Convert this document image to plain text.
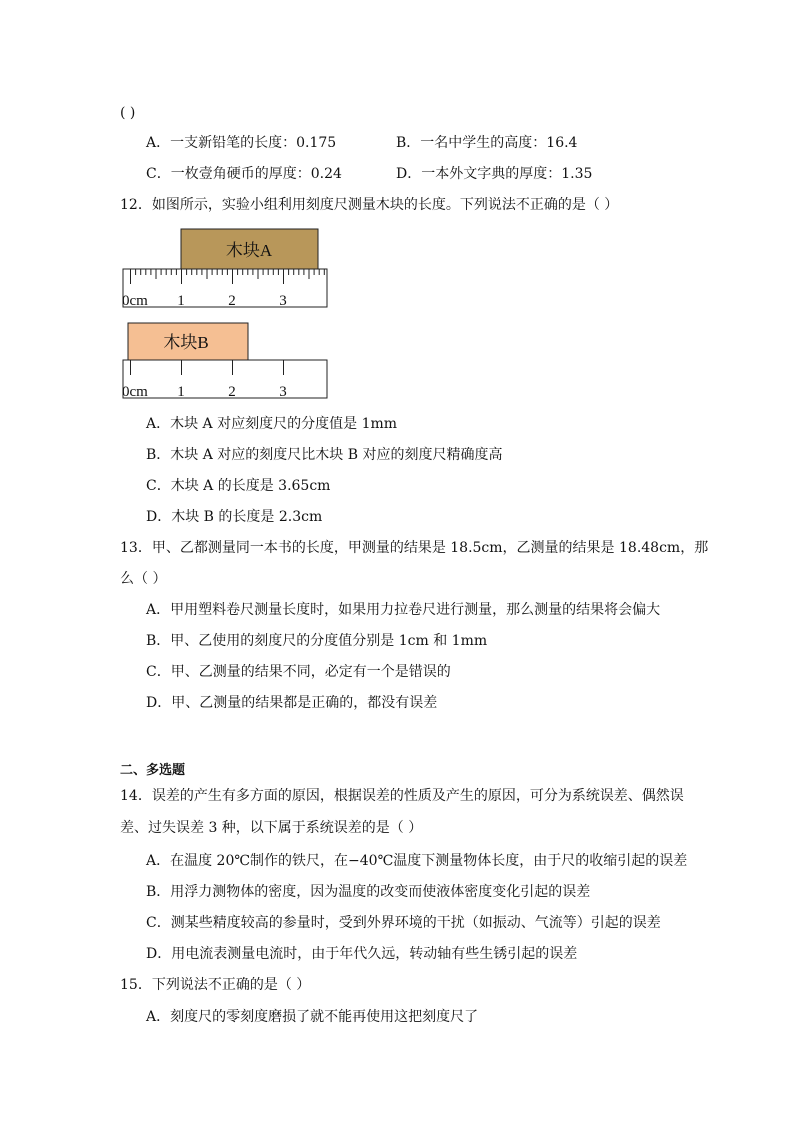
( )
A．一支新铅笔的长度：0.175	B．一名中学生的高度：16.4
C．一枚壹角硬币的厚度：0.24	D．一本外文字典的厚度：1.35
12．如图所示，实验小组利用刻度尺测量木块的长度。下列说法不正确的是（ ）
木块A
0cm 1	2	3
木块B
0cm 1	2	3
A．木块 A 对应刻度尺的分度值是 1mm
B．木块 A 对应的刻度尺比木块 B 对应的刻度尺精确度高
C．木块 A 的长度是 3.65cm
D．木块 B 的长度是 2.3cm
13．甲、乙都测量同一本书的长度，甲测量的结果是 18.5cm，乙测量的结果是 18.48cm，那
么（ ）
A．甲用塑料卷尺测量长度时，如果用力拉卷尺进行测量，那么测量的结果将会偏大
B．甲、乙使用的刻度尺的分度值分别是 1cm 和 1mm
C．甲、乙测量的结果不同，必定有一个是错误的
D．甲、乙测量的结果都是正确的，都没有误差
二、多选题
14．误差的产生有多方面的原因，根据误差的性质及产生的原因，可分为系统误差、偶然误
差、过失误差 3 种，以下属于系统误差的是（ ）
A．在温度 20℃制作的铁尺，在−40℃温度下测量物体长度，由于尺的收缩引起的误差
B．用浮力测物体的密度，因为温度的改变而使液体密度变化引起的误差
C．测某些精度较高的参量时，受到外界环境的干扰（如振动、气流等）引起的误差
D．用电流表测量电流时，由于年代久远，转动轴有些生锈引起的误差
15．下列说法不正确的是（ ）
A．刻度尺的零刻度磨损了就不能再使用这把刻度尺了
